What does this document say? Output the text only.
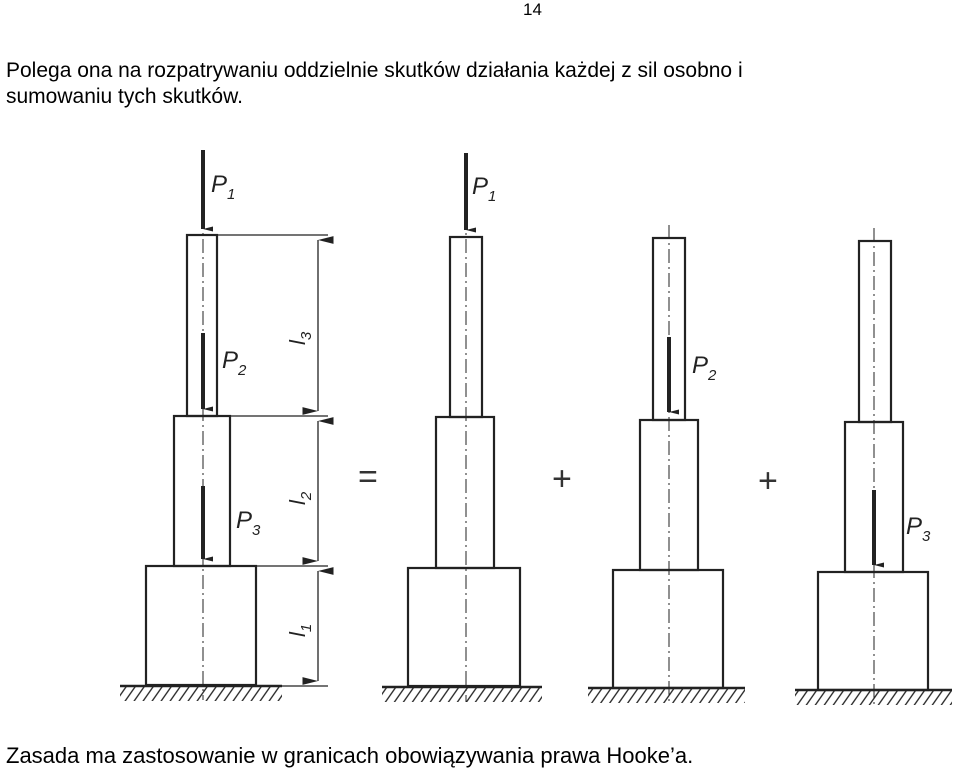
14
Polega ona na rozpatrywaniu oddzielnie skutków działania każdej z sil osobno i
sumowaniu tych skutków.
$P_1$
$P_2$
$P_3$
$P_1$
$P_2$
$P_3$
$l_3$
$l_2$
$l_1$
=	+	+
Zasada ma zastosowanie w granicach obowiązywania prawa Hooke’a.
